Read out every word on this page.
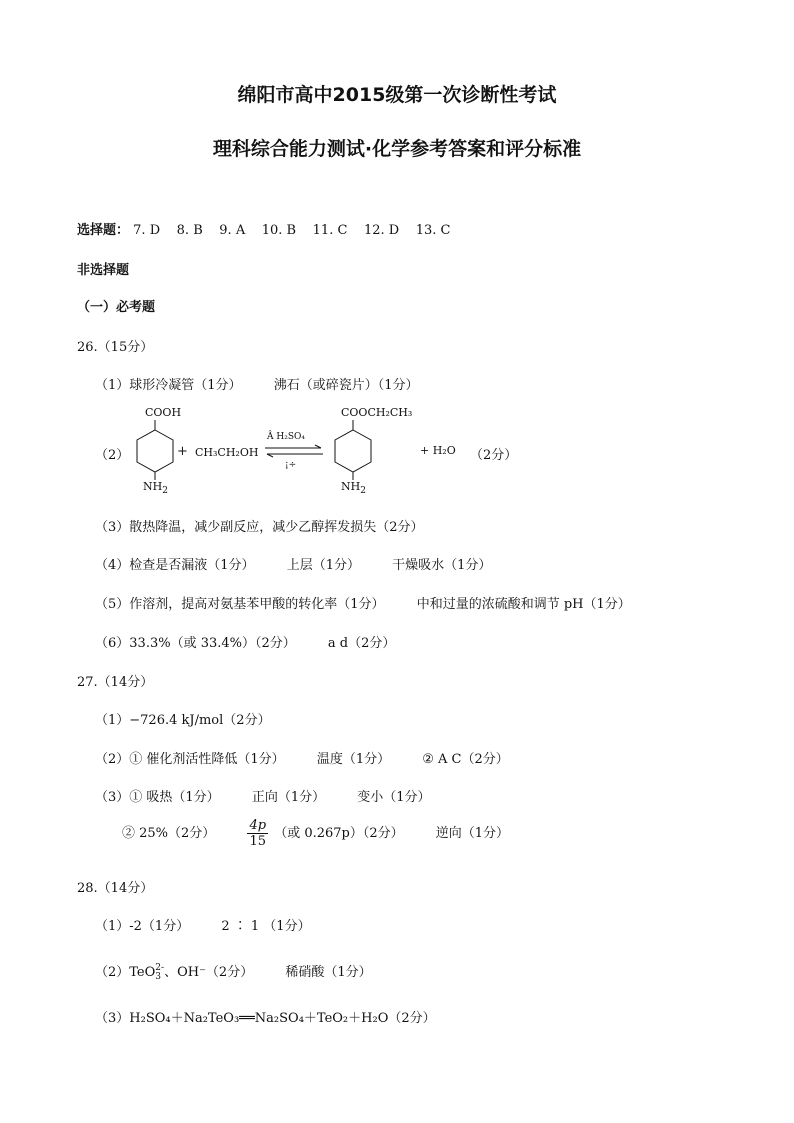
绵阳市高中2015级第一次诊断性考试
理科综合能力测试·化学参考答案和评分标准
选择题： 7. D 8. B 9. A 10. B 11. C 12. D 13. C
非选择题
（一）必考题
26.（15分）
（1）球形冷凝管（1分） 沸石（或碎瓷片）（1分）
（2）
COOH
$NH_2$
+ CH₃CH₂OH
Â H₂SO₄
¡÷
COOCH₂CH₃
$NH_2$
+ H₂O （2分）
（3）散热降温，减少副反应，减少乙醇挥发损失（2分）
（4）检查是否漏液（1分） 上层（1分） 干燥吸水（1分）
（5）作溶剂，提高对氨基苯甲酸的转化率（1分） 中和过量的浓硫酸和调节 pH（1分）
（6）33.3%（或 33.4%）（2分） a d（2分）
27.（14分）
（1）−726.4 kJ/mol（2分）
（2）① 催化剂活性降低（1分） 温度（1分） ② A C（2分）
（3）① 吸热（1分） 正向（1分） 变小（1分）
② 25%（2分） $\frac{4p}{15}$ （或 0.267p）（2分） 逆向（1分）
28.（14分）
（1）-2（1分） 2 ∶ 1 （1分）
（2）TeO 2-
3 、OH⁻（2分） 稀硝酸（1分）
（3）H₂SO₄＋Na₂TeO₃══Na₂SO₄＋TeO₂＋H₂O（2分）
